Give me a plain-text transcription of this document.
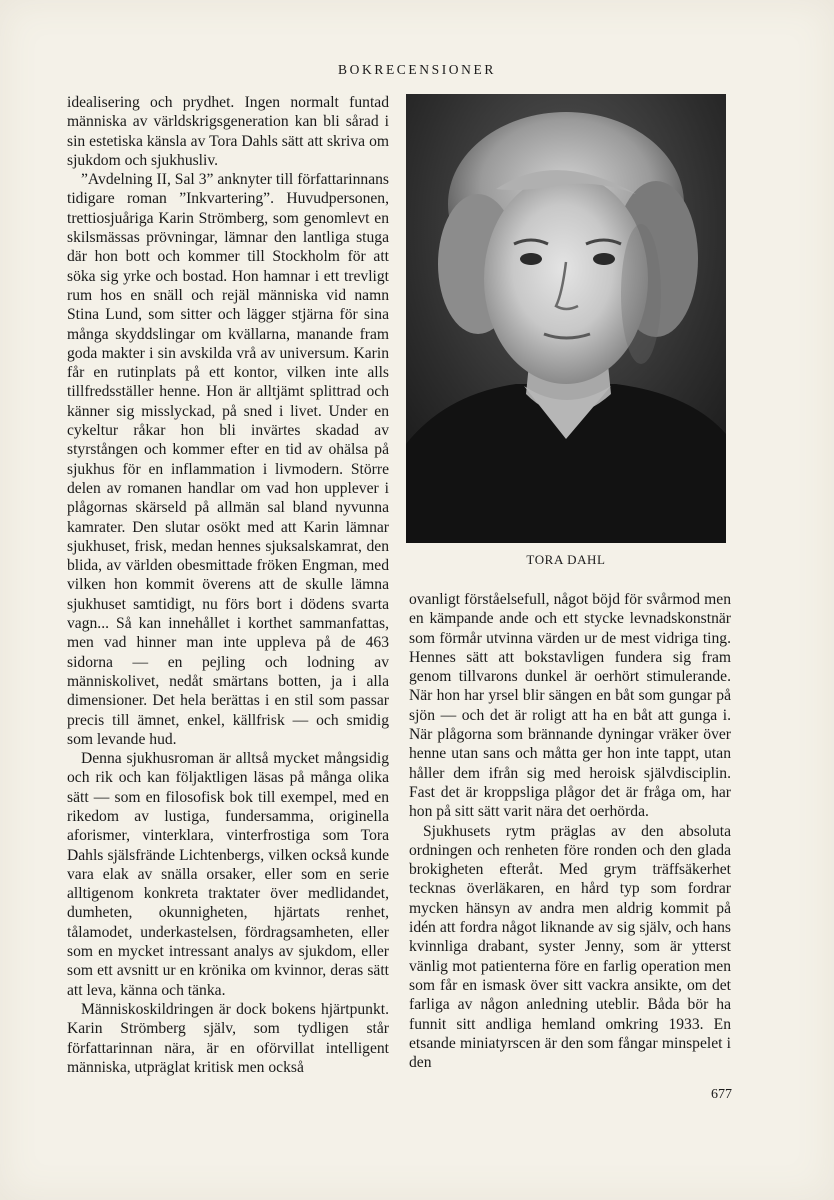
BOKRECENSIONER

idealisering och prydhet. Ingen normalt funtad människa av världskrigsgeneration kan bli sårad i sin estetiska känsla av Tora Dahls sätt att skriva om sjukdom och sjukhusliv.

”Avdelning II, Sal 3” anknyter till författarinnans tidigare roman ”Inkvartering”. Huvudpersonen, trettiosjuåriga Karin Strömberg, som genomlevt en skilsmässas prövningar, lämnar den lantliga stuga där hon bott och kommer till Stockholm för att söka sig yrke och bostad. Hon hamnar i ett trevligt rum hos en snäll och rejäl människa vid namn Stina Lund, som sitter och lägger stjärna för sina många skyddslingar om kvällarna, manande fram goda makter i sin avskilda vrå av universum. Karin får en rutinplats på ett kontor, vilken inte alls tillfredsställer henne. Hon är alltjämt splittrad och känner sig misslyckad, på sned i livet. Under en cykeltur råkar hon bli invärtes skadad av styrstången och kommer efter en tid av ohälsa på sjukhus för en inflammation i livmodern. Större delen av romanen handlar om vad hon upplever i plågornas skärseld på allmän sal bland nyvunna kamrater. Den slutar osökt med att Karin lämnar sjukhuset, frisk, medan hennes sjuksalskamrat, den blida, av världen obesmittade fröken Engman, med vilken hon kommit överens att de skulle lämna sjukhuset samtidigt, nu förs bort i dödens svarta vagn... Så kan innehållet i korthet sammanfattas, men vad hinner man inte uppleva på de 463 sidorna — en pejling och lodning av människolivet, nedåt smärtans botten, ja i alla dimensioner. Det hela berättas i en stil som passar precis till ämnet, enkel, källfrisk — och smidig som levande hud.

Denna sjukhusroman är alltså mycket mångsidig och rik och kan följaktligen läsas på många olika sätt — som en filosofisk bok till exempel, med en rikedom av lustiga, fundersamma, originella aforismer, vinterklara, vinterfrostiga som Tora Dahls själsfrände Lichtenbergs, vilken också kunde vara elak av snälla orsaker, eller som en serie alltigenom konkreta traktater över medlidandet, dumheten, okunnigheten, hjärtats renhet, tålamodet, underkastelsen, fördragsamheten, eller som en mycket intressant analys av sjukdom, eller som ett avsnitt ur en krönika om kvinnor, deras sätt att leva, känna och tänka.

Människoskildringen är dock bokens hjärtpunkt. Karin Strömberg själv, som tydligen står författarinnan nära, är en oförvillat intelligent människa, utpräglat kritisk men också

TORA DAHL

ovanligt förståelsefull, något böjd för svårmod men en kämpande ande och ett stycke levnadskonstnär som förmår utvinna värden ur de mest vidriga ting. Hennes sätt att bokstavligen fundera sig fram genom tillvarons dunkel är oerhört stimulerande. När hon har yrsel blir sängen en båt som gungar på sjön — och det är roligt att ha en båt att gunga i. När plågorna som brännande dyningar vräker över henne utan sans och måtta ger hon inte tappt, utan håller dem ifrån sig med heroisk självdisciplin. Fast det är kroppsliga plågor det är fråga om, har hon på sitt sätt varit nära det oerhörda.

Sjukhusets rytm präglas av den absoluta ordningen och renheten före ronden och den glada brokigheten efteråt. Med grym träffsäkerhet tecknas överläkaren, en hård typ som fordrar mycken hänsyn av andra men aldrig kommit på idén att fordra något liknande av sig själv, och hans kvinnliga drabant, syster Jenny, som är ytterst vänlig mot patienterna före en farlig operation men som får en ismask över sitt vackra ansikte, om det farliga av någon anledning uteblir. Båda bör ha funnit sitt andliga hemland omkring 1933. En etsande miniatyrscen är den som fångar minspelet i den

677
